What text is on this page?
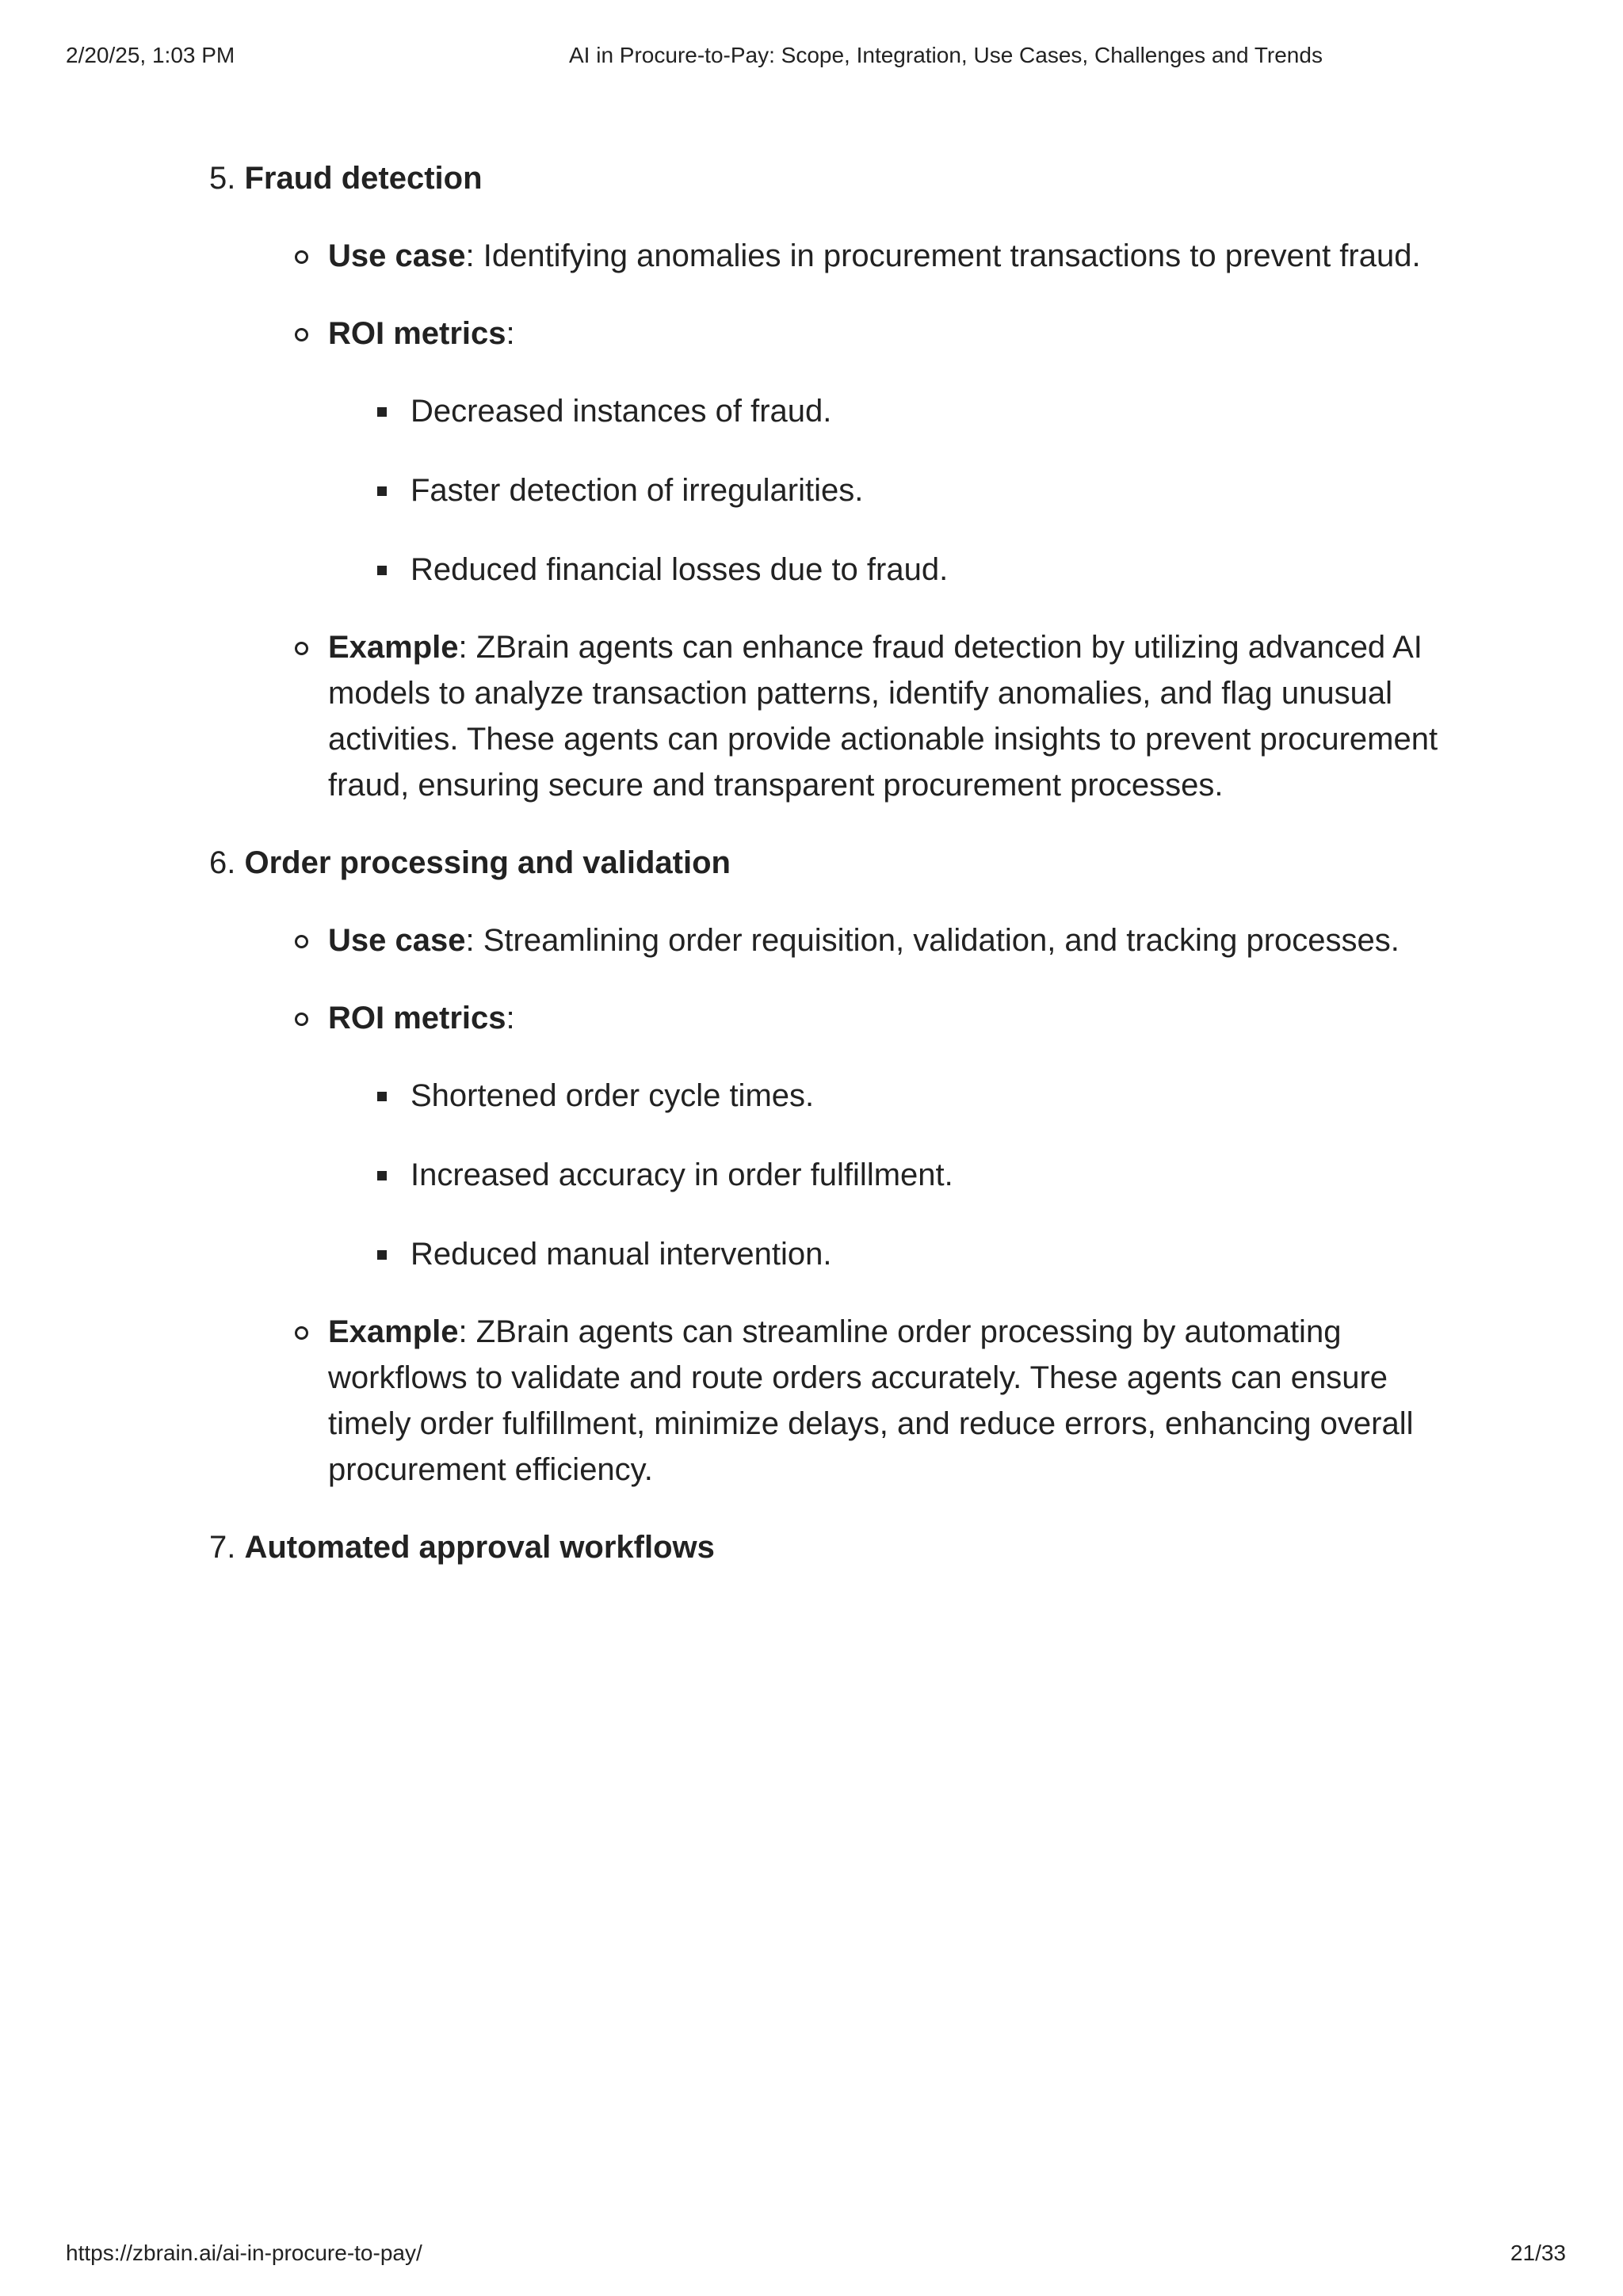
2/20/25, 1:03 PM	AI in Procure-to-Pay: Scope, Integration, Use Cases, Challenges and Trends

5. Fraud detection

Use case: Identifying anomalies in procurement transactions to prevent fraud.
ROI metrics:
Decreased instances of fraud.
Faster detection of irregularities.
Reduced financial losses due to fraud.
Example: ZBrain agents can enhance fraud detection by utilizing advanced AI models to analyze transaction patterns, identify anomalies, and flag unusual activities. These agents can provide actionable insights to prevent procurement fraud, ensuring secure and transparent procurement processes.

6. Order processing and validation

Use case: Streamlining order requisition, validation, and tracking processes.
ROI metrics:
Shortened order cycle times.
Increased accuracy in order fulfillment.
Reduced manual intervention.
Example: ZBrain agents can streamline order processing by automating workflows to validate and route orders accurately. These agents can ensure timely order fulfillment, minimize delays, and reduce errors, enhancing overall procurement efficiency.

7. Automated approval workflows

https://zbrain.ai/ai-in-procure-to-pay/	21/33
